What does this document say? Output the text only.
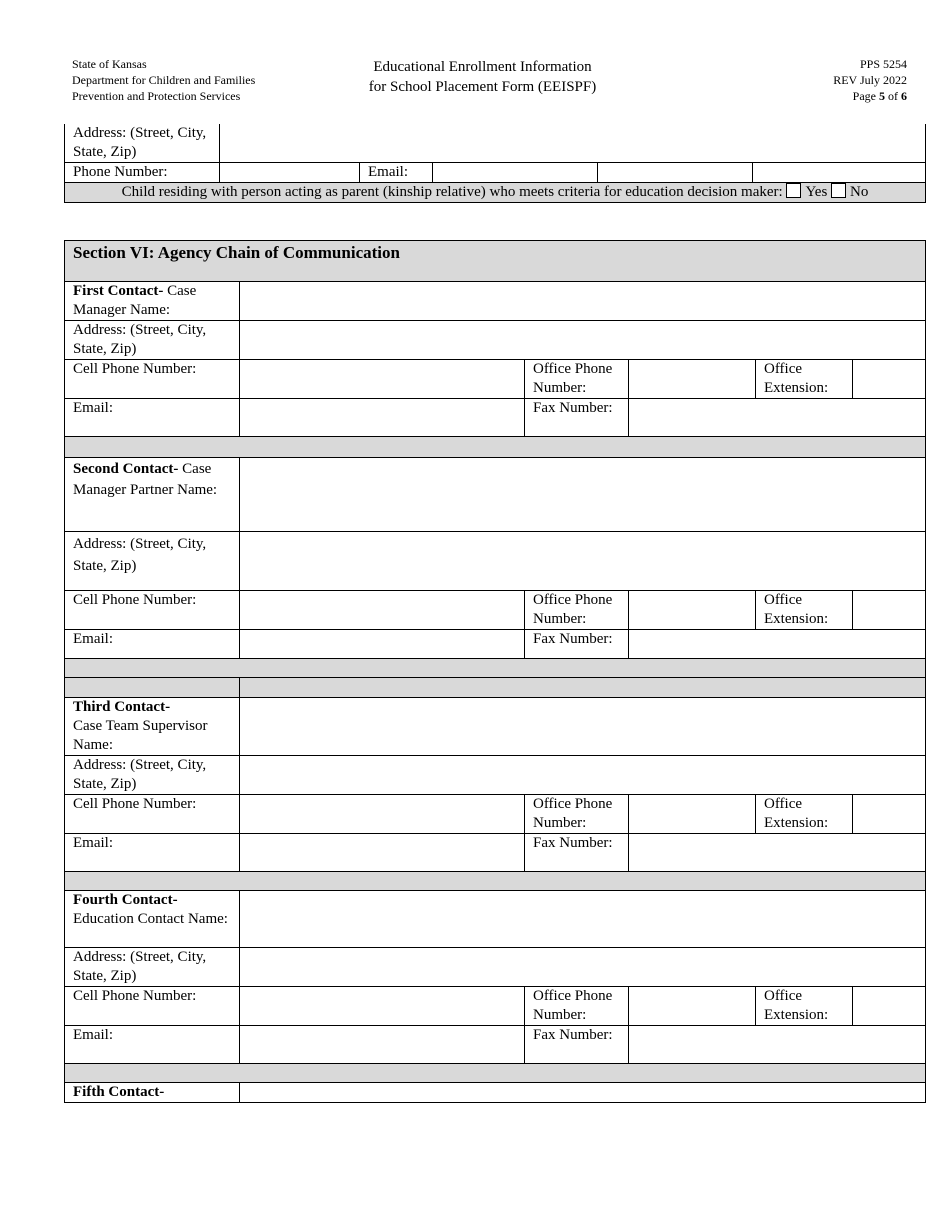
State of Kansas
Department for Children and Families
Prevention and Protection Services
Educational Enrollment Information
for School Placement Form (EEISPF)
PPS 5254
REV July 2022
Page 5 of 6
Address: (Street, City, State, Zip)					
Phone Number:		Email:			
Child residing with person acting as parent (kinship relative) who meets criteria for education decision maker: Yes No					
Section VI: Agency Chain of Communication					
First Contact- Case Manager Name:					
Address: (Street, City, State, Zip)					
Cell Phone Number:		Office Phone Number:		Office Extension:	
Email:		Fax Number:			

Second Contact- Case Manager Partner Name:					
Address: (Street, City, State, Zip)					
Cell Phone Number:		Office Phone Number:		Office Extension:	
Email:		Fax Number:			

Third Contact-
Case Team Supervisor Name:					
Address: (Street, City, State, Zip)					
Cell Phone Number:		Office Phone Number:		Office Extension:	
Email:		Fax Number:			

Fourth Contact-
Education Contact Name:					
Address: (Street, City, State, Zip)					
Cell Phone Number:		Office Phone Number:		Office Extension:	
Email:		Fax Number:			

Fifth Contact-					
